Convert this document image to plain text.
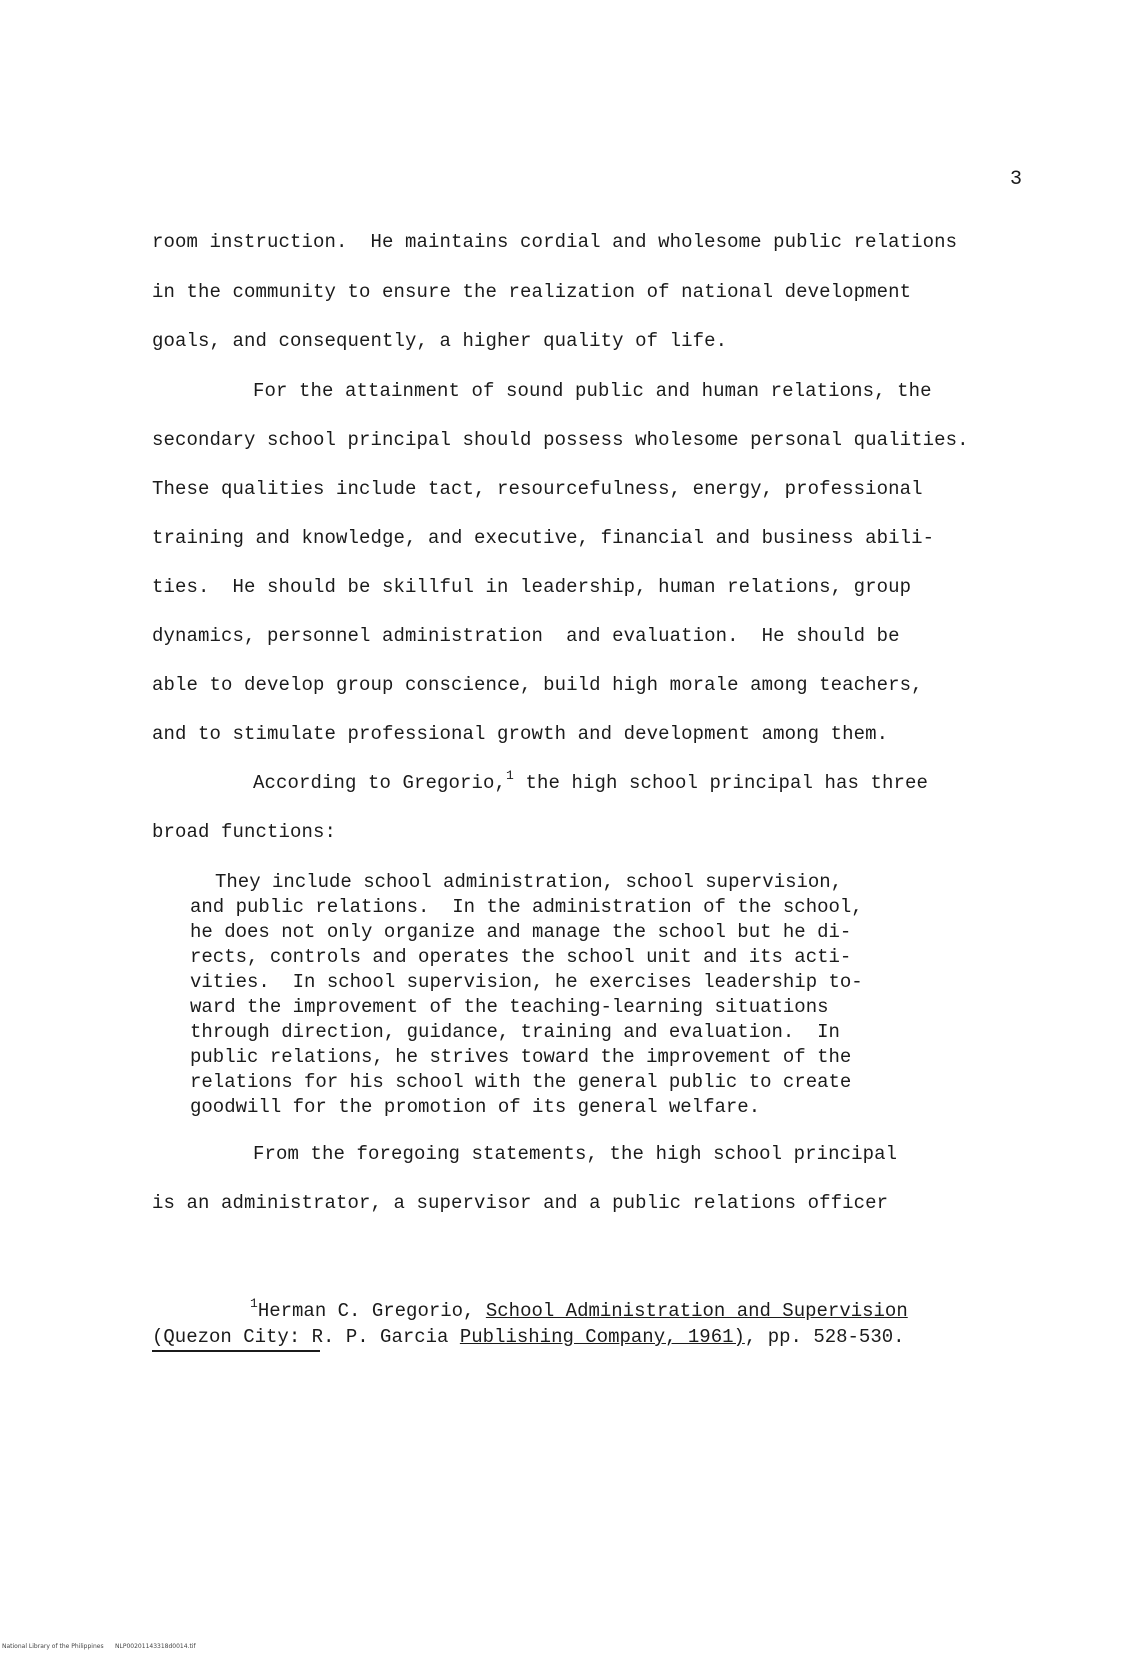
3
room instruction.  He maintains cordial and wholesome public relations
in the community to ensure the realization of national development
goals, and consequently, a higher quality of life.
For the attainment of sound public and human relations, the
secondary school principal should possess wholesome personal qualities.
These qualities include tact, resourcefulness, energy, professional
training and knowledge, and executive, financial and business abili-
ties.  He should be skillful in leadership, human relations, group
dynamics, personnel administration  and evaluation.  He should be
able to develop group conscience, build high morale among teachers,
and to stimulate professional growth and development among them.
According to Gregorio,$^1$ the high school principal has three
broad functions:
They include school administration, school supervision,
and public relations.  In the administration of the school,
he does not only organize and manage the school but he di-
rects, controls and operates the school unit and its acti-
vities.  In school supervision, he exercises leadership to-
ward the improvement of the teaching-learning situations
through direction, guidance, training and evaluation.  In
public relations, he strives toward the improvement of the
relations for his school with the general public to create
goodwill for the promotion of its general welfare.
From the foregoing statements, the high school principal
is an administrator, a supervisor and a public relations officer
$^1$Herman C. Gregorio, School Administration and Supervision
(Quezon City: R. P. Garcia Publishing Company, 1961), pp. 528-530.
National Library of the Philippines NLP00201143318d0014.tif
